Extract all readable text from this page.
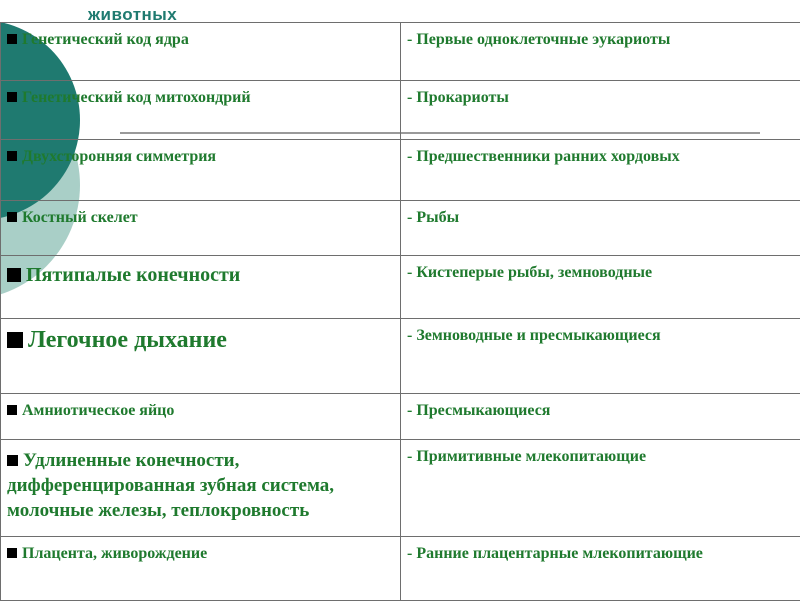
животных
Генетический код ядра	- Первые одноклеточные эукариоты
Генетический код митохондрий	- Прокариоты
Двухсторонняя симметрия	- Предшественники ранних хордовых
Костный скелет	- Рыбы
Пятипалые конечности	- Кистеперые рыбы, земноводные
Легочное дыхание	- Земноводные и пресмыкающиеся
Амниотическое яйцо	- Пресмыкающиеся
Удлиненные конечности, дифференцированная зубная система, молочные железы, теплокровность	- Примитивные млекопитающие
Плацента, живорождение	- Ранние плацентарные млекопитающие
